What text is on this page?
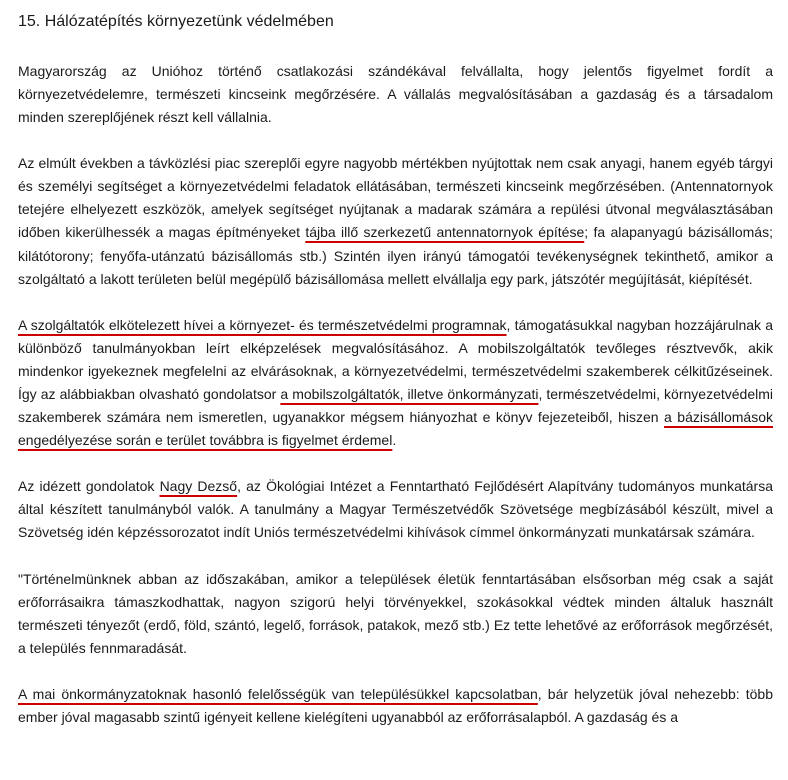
15. Hálózatépítés környezetünk védelmében

Magyarország az Unióhoz történő csatlakozási szándékával felvállalta, hogy jelentős figyelmet fordít a környezetvédelemre, természeti kincseink megőrzésére. A vállalás megvalósításában a gazdaság és a társadalom minden szereplőjének részt kell vállalnia.

Az elmúlt években a távközlési piac szereplői egyre nagyobb mértékben nyújtottak nem csak anyagi, hanem egyéb tárgyi és személyi segítséget a környezetvédelmi feladatok ellátásában, természeti kincseink megőrzésében. (Antennatornyok tetejére elhelyezett eszközök, amelyek segítséget nyújtanak a madarak számára a repülési útvonal megválasztásában időben kikerülhessék a magas építményeket tájba illő szerkezetű antennatornyok építése; fa alapanyagú bázisállomás; kilátótorony; fenyőfa-utánzatú bázisállomás stb.) Szintén ilyen irányú támogatói tevékenységnek tekinthető, amikor a szolgáltató a lakott területen belül megépülő bázisállomása mellett elvállalja egy park, játszótér megújítását, kiépítését.

A szolgáltatók elkötelezett hívei a környezet- és természetvédelmi programnak, támogatásukkal nagyban hozzájárulnak a különböző tanulmányokban leírt elképzelések megvalósításához. A mobilszolgáltatók tevőleges résztvevők, akik mindenkor igyekeznek megfelelni az elvárásoknak, a környezetvédelmi, természetvédelmi szakemberek célkitűzéseinek. Így az alábbiakban olvasható gondolatsor a mobilszolgáltatók, illetve önkormányzati, természetvédelmi, környezetvédelmi szakemberek számára nem ismeretlen, ugyanakkor mégsem hiányozhat e könyv fejezeteiből, hiszen a bázisállomások engedélyezése során e terület továbbra is figyelmet érdemel.

Az idézett gondolatok Nagy Dezső, az Ökológiai Intézet a Fenntartható Fejlődésért Alapítvány tudományos munkatársa által készített tanulmányból valók. A tanulmány a Magyar Természetvédők Szövetsége megbízásából készült, mivel a Szövetség idén képzéssorozatot indít Uniós természetvédelmi kihívások címmel önkormányzati munkatársak számára.

"Történelmünknek abban az időszakában, amikor a települések életük fenntartásában elsősorban még csak a saját erőforrásaikra támaszkodhattak, nagyon szigorú helyi törvényekkel, szokásokkal védtek minden általuk használt természeti tényezőt (erdő, föld, szántó, legelő, források, patakok, mező stb.) Ez tette lehetővé az erőforrások megőrzését, a település fennmaradását.

A mai önkormányzatoknak hasonló felelősségük van településükkel kapcsolatban, bár helyzetük jóval nehezebb: több ember jóval magasabb szintű igényeit kellene kielégíteni ugyanabból az erőforrásalapból. A gazdaság és a
